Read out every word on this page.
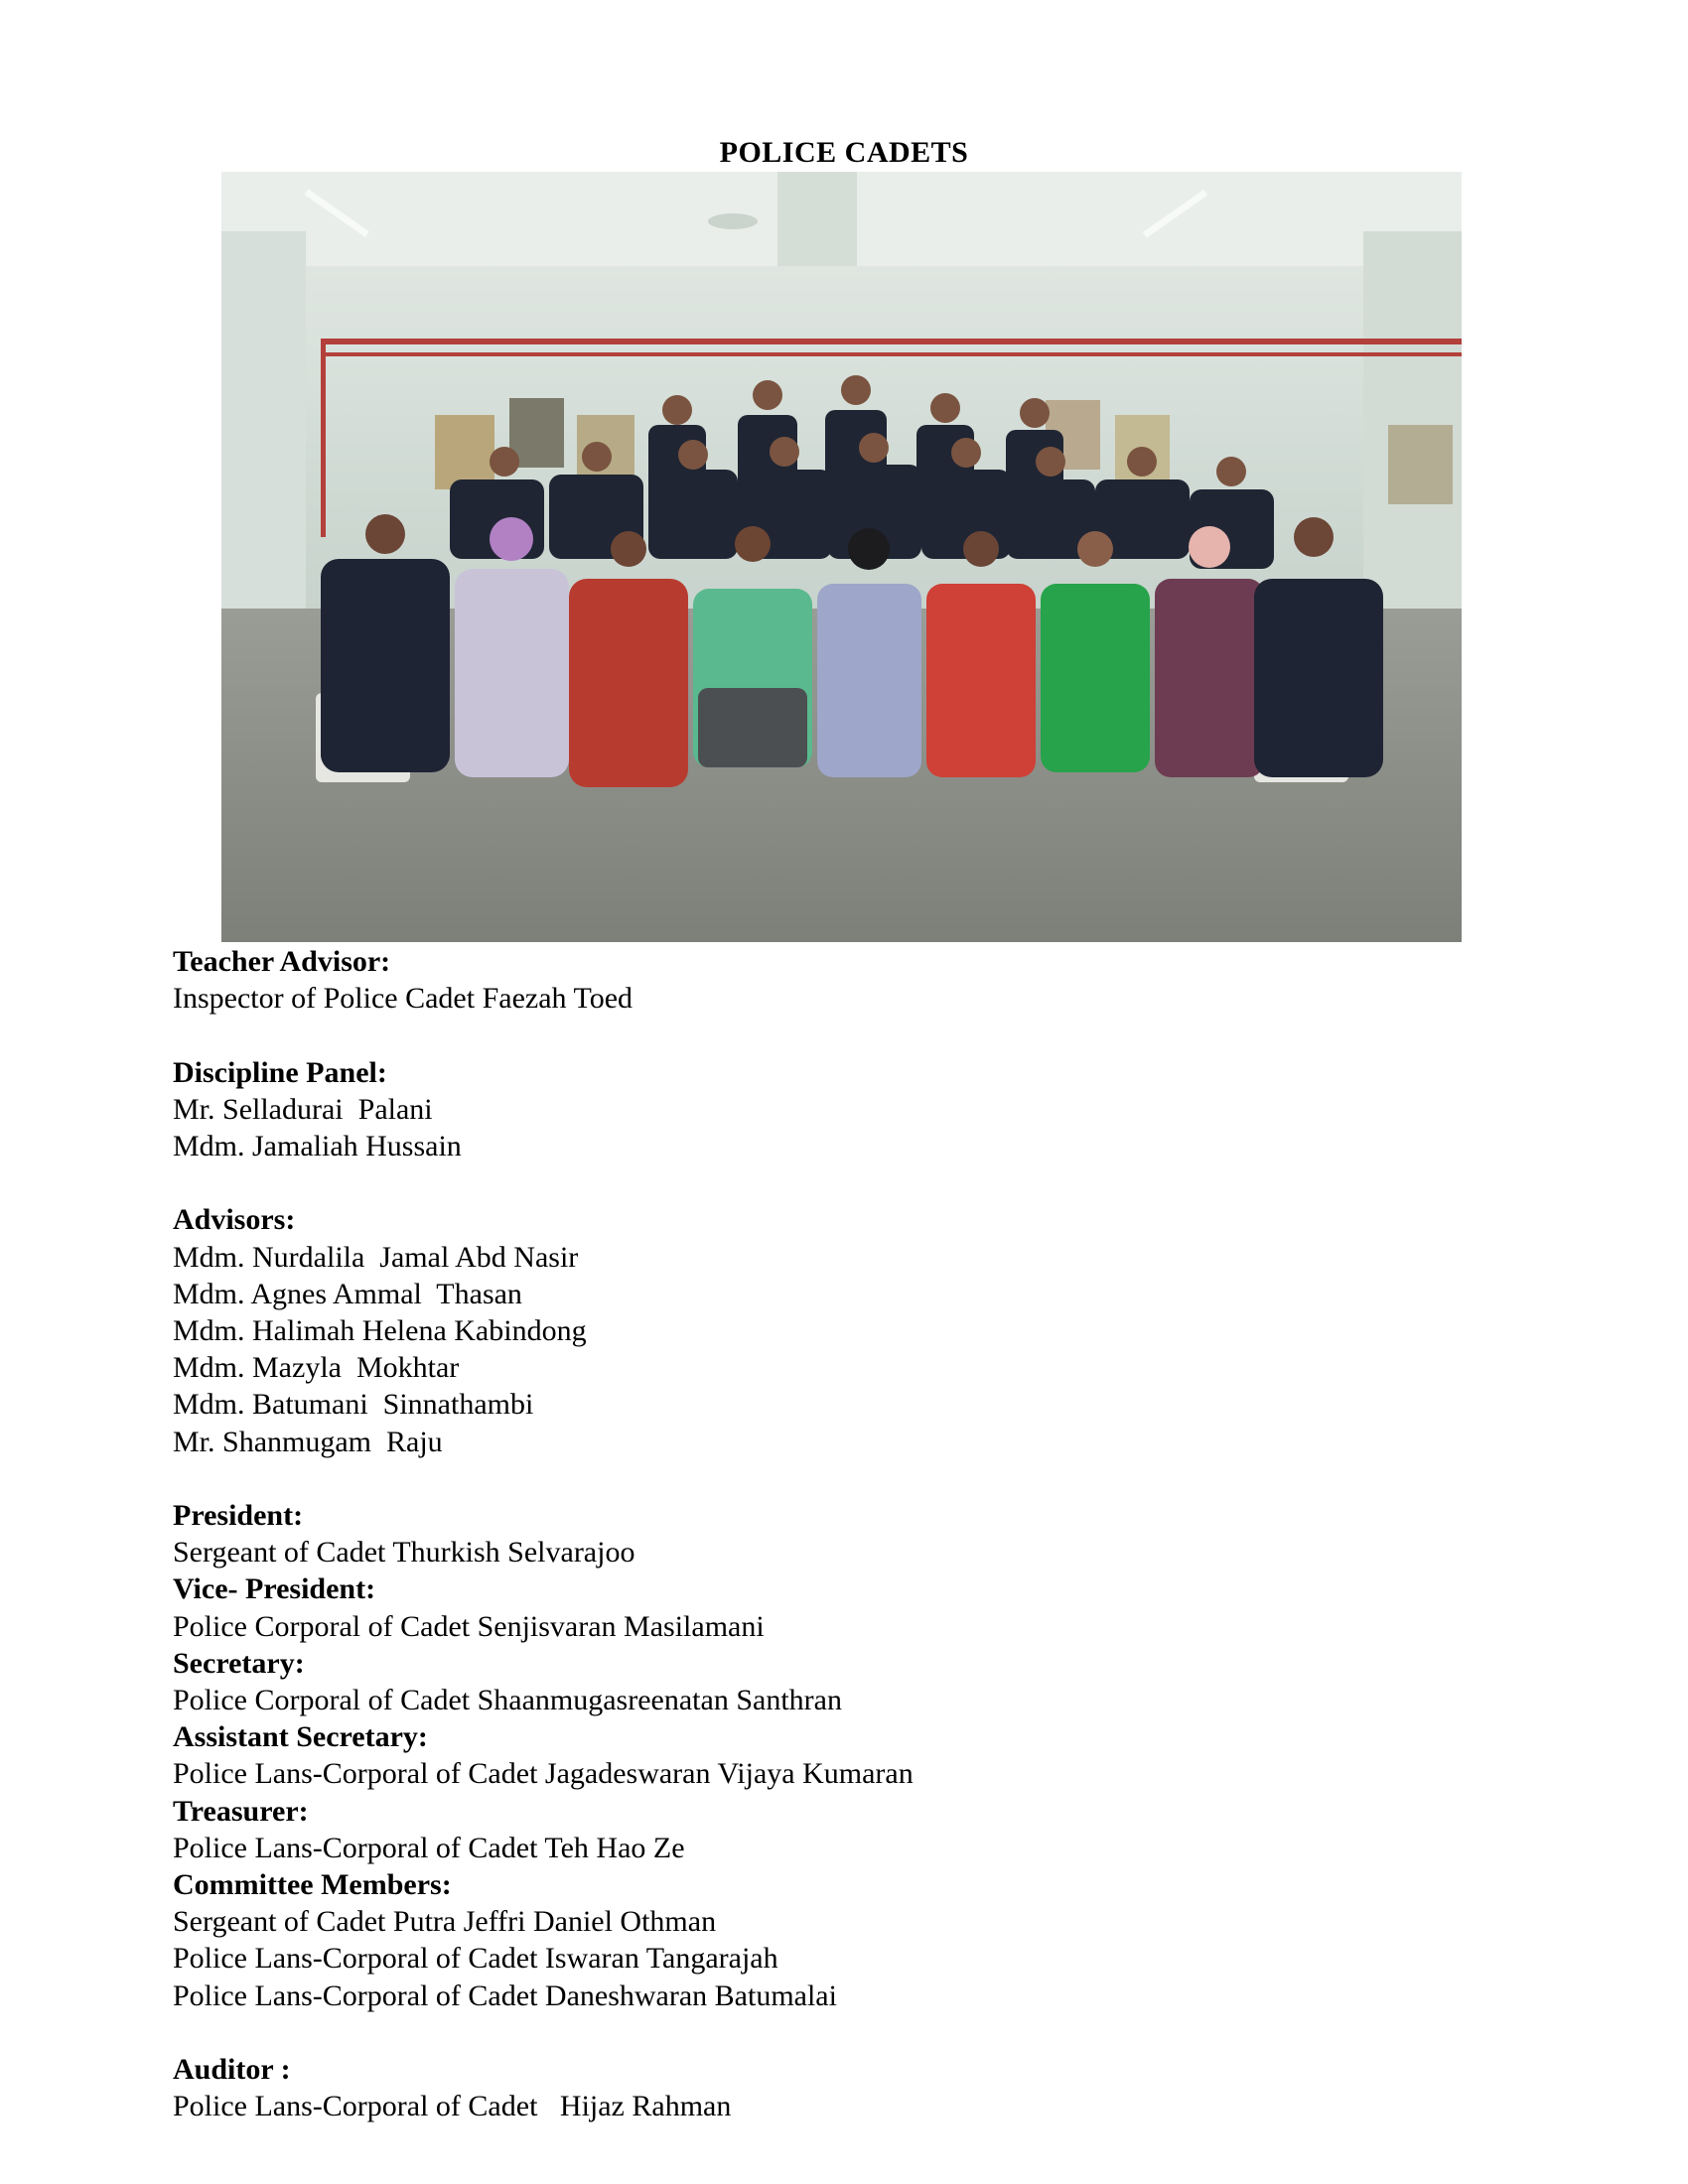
POLICE CADETS
Teacher Advisor:
Inspector of Police Cadet Faezah Toed
Discipline Panel:
Mr. Selladurai  Palani
Mdm. Jamaliah Hussain
Advisors:
Mdm. Nurdalila  Jamal Abd Nasir
Mdm. Agnes Ammal  Thasan
Mdm. Halimah Helena Kabindong
Mdm. Mazyla  Mokhtar
Mdm. Batumani  Sinnathambi
Mr. Shanmugam  Raju
President:
Sergeant of Cadet Thurkish Selvarajoo
Vice- President:
Police Corporal of Cadet Senjisvaran Masilamani
Secretary:
Police Corporal of Cadet Shaanmugasreenatan Santhran
Assistant Secretary:
Police Lans-Corporal of Cadet Jagadeswaran Vijaya Kumaran
Treasurer:
Police Lans-Corporal of Cadet Teh Hao Ze
Committee Members:
Sergeant of Cadet Putra Jeffri Daniel Othman
Police Lans-Corporal of Cadet Iswaran Tangarajah
Police Lans-Corporal of Cadet Daneshwaran Batumalai
Auditor :
Police Lans-Corporal of Cadet   Hijaz Rahman
